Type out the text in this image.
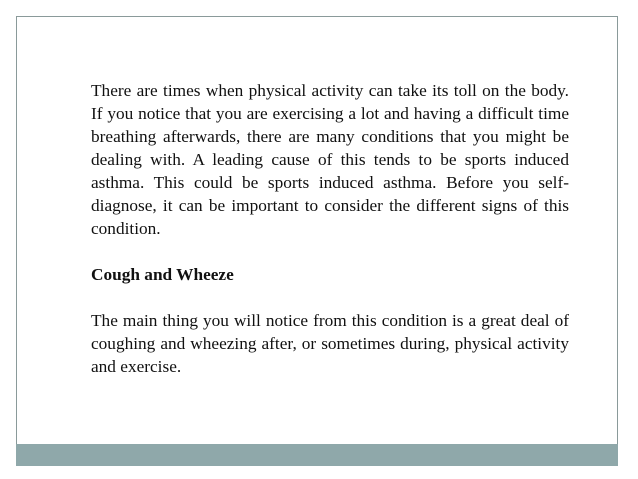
There are times when physical activity can take its toll on the body. If you notice that you are exercising a lot and having a difficult time breathing afterwards, there are many conditions that you might be dealing with. A leading cause of this tends to be sports induced asthma. This could be sports induced asthma. Before you self-diagnose, it can be important to consider the different signs of this condition.

Cough and Wheeze

The main thing you will notice from this condition is a great deal of coughing and wheezing after, or sometimes during, physical activity and exercise.
